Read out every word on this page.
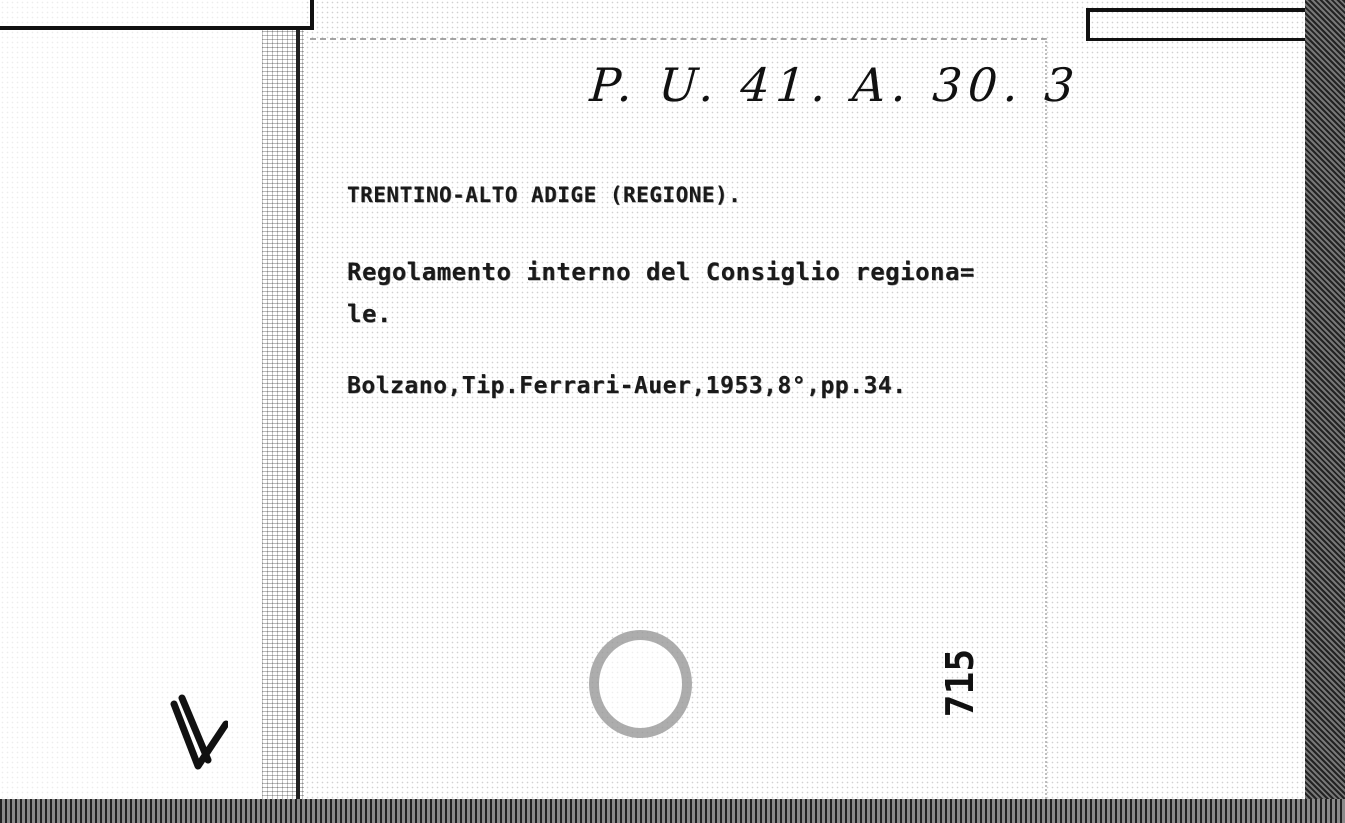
P. U. 41. A. 30. 3
TRENTINO-ALTO ADIGE (REGIONE).
Regolamento interno del Consiglio regiona=
le.
Bolzano,Tip.Ferrari-Auer,1953,8°,pp.34.
715
